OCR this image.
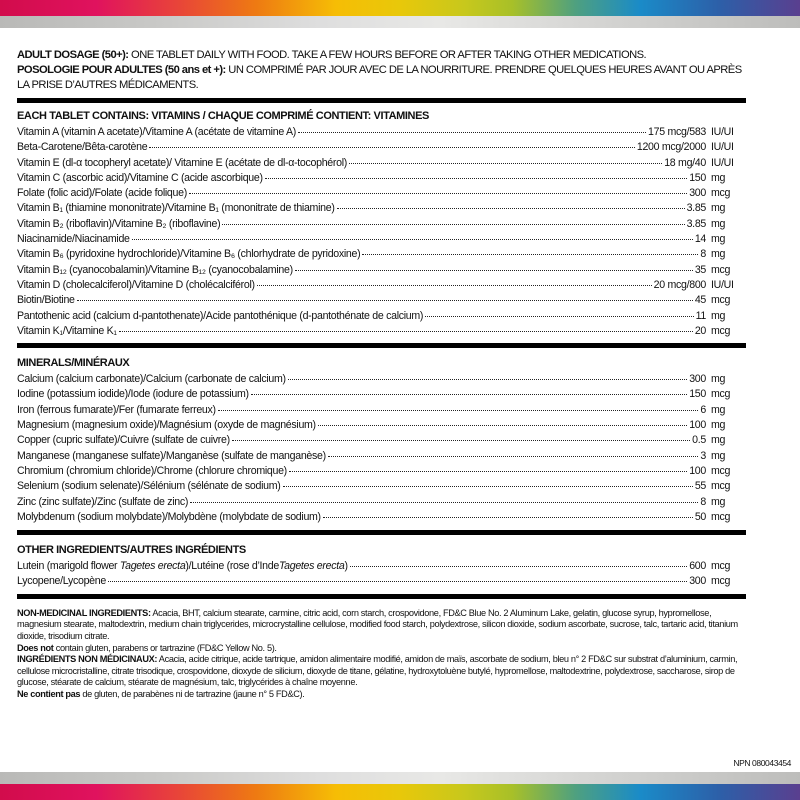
ADULT DOSAGE (50+): ONE TABLET DAILY WITH FOOD. TAKE A FEW HOURS BEFORE OR AFTER TAKING OTHER MEDICATIONS.
POSOLOGIE POUR ADULTES (50 ans et +): UN COMPRIMÉ PAR JOUR AVEC DE LA NOURRITURE. PRENDRE QUELQUES HEURES AVANT OU APRÈS LA PRISE D’AUTRES MÉDICAMENTS.
EACH TABLET CONTAINS: VITAMINS / CHAQUE COMPRIMÉ CONTIENT: VITAMINES
Vitamin A (vitamin A acetate)/Vitamine A (acétate de vitamine A)	175 mcg/583 IU/UI
Beta-Carotene/Bêta-carotène	1200 mcg/2000 IU/UI
Vitamin E (dl-α tocopheryl acetate)/ Vitamine E (acétate de dl-α-tocophérol)	18 mg/40 IU/UI
Vitamin C (ascorbic acid)/Vitamine C (acide ascorbique)	150 mg
Folate (folic acid)/Folate (acide folique)	300 mcg
Vitamin B₁ (thiamine mononitrate)/Vitamine B₁ (mononitrate de thiamine)	3.85 mg
Vitamin B₂ (riboflavin)/Vitamine B₂ (riboflavine)	3.85 mg
Niacinamide/Niacinamide	14 mg
Vitamin B₆ (pyridoxine hydrochloride)/Vitamine B₆ (chlorhydrate de pyridoxine)	8 mg
Vitamin B₁₂ (cyanocobalamin)/Vitamine B₁₂ (cyanocobalamine)	35 mcg
Vitamin D (cholecalciferol)/Vitamine D (cholécalciférol)	20 mcg/800 IU/UI
Biotin/Biotine	45 mcg
Pantothenic acid (calcium d-pantothenate)/Acide pantothénique (d-pantothénate de calcium)	11 mg
Vitamin K₁/Vitamine K₁	20 mcg
MINERALS/MINÉRAUX
Calcium (calcium carbonate)/Calcium (carbonate de calcium)	300 mg
Iodine (potassium iodide)/Iode (iodure de potassium)	150 mcg
Iron (ferrous fumarate)/Fer (fumarate ferreux)	6 mg
Magnesium (magnesium oxide)/Magnésium (oxyde de magnésium)	100 mg
Copper (cupric sulfate)/Cuivre (sulfate de cuivre)	0.5 mg
Manganese (manganese sulfate)/Manganèse (sulfate de manganèse)	3 mg
Chromium (chromium chloride)/Chrome (chlorure chromique)	100 mcg
Selenium (sodium selenate)/Sélénium (sélénate de sodium)	55 mcg
Zinc (zinc sulfate)/Zinc (sulfate de zinc)	8 mg
Molybdenum (sodium molybdate)/Molybdène (molybdate de sodium)	50 mcg
OTHER INGREDIENTS/AUTRES INGRÉDIENTS
Lutein (marigold flower Tagetes erecta)/Lutéine (rose d’IndeTagetes erecta)	600 mcg
Lycopene/Lycopène	300 mcg

NON-MEDICINAL INGREDIENTS: Acacia, BHT, calcium stearate, carmine, citric acid, corn starch, crospovidone, FD&C Blue No. 2 Aluminum Lake, gelatin, glucose syrup, hypromellose, magnesium stearate, maltodextrin, medium chain triglycerides, microcrystalline cellulose, modified food starch, polydextrose, silicon dioxide, sodium ascorbate, sucrose, talc, tartaric acid, titanium dioxide, trisodium citrate.

Does not contain gluten, parabens or tartrazine (FD&C Yellow No. 5).

INGRÉDIENTS NON MÉDICINAUX: Acacia, acide citrique, acide tartrique, amidon alimentaire modifié, amidon de maïs, ascorbate de sodium, bleu n° 2 FD&C sur substrat d’aluminium, carmin, cellulose microcristalline, citrate trisodique, crospovidone, dioxyde de silicium, dioxyde de titane, gélatine, hydroxytoluène butylé, hypromellose, maltodextrine, polydextrose, saccharose, sirop de glucose, stéarate de calcium, stéarate de magnésium, talc, triglycérides à chaîne moyenne.

Ne contient pas de gluten, de parabènes ni de tartrazine (jaune n° 5 FD&C).

NPN 080043454
